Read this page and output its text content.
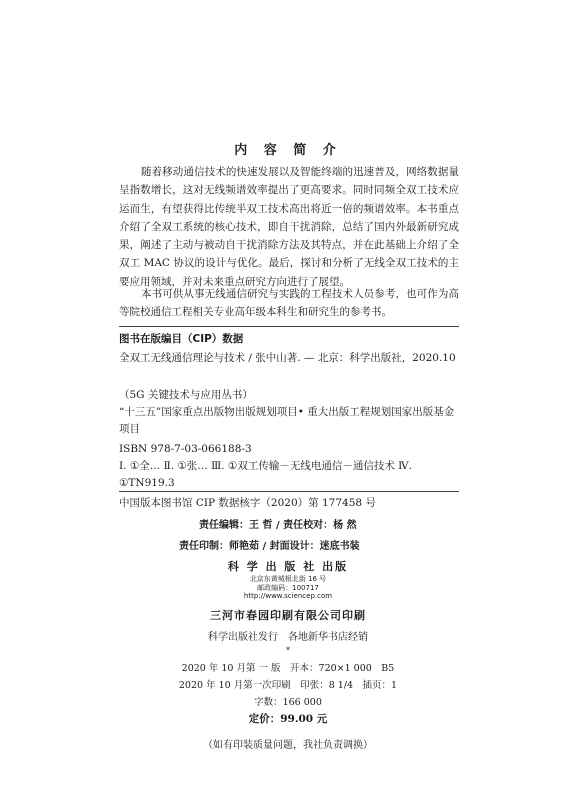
内 容 简 介
随着移动通信技术的快速发展以及智能终端的迅速普及，网络数据量呈指数增长，这对无线频谱效率提出了更高要求。同时同频全双工技术应运而生，有望获得比传统半双工技术高出将近一倍的频谱效率。本书重点介绍了全双工系统的核心技术，即自干扰消除，总结了国内外最新研究成果，阐述了主动与被动自干扰消除方法及其特点，并在此基础上介绍了全双工 MAC 协议的设计与优化。最后，探讨和分析了无线全双工技术的主要应用领域，并对未来重点研究方向进行了展望。
本书可供从事无线通信研究与实践的工程技术人员参考，也可作为高等院校通信工程相关专业高年级本科生和研究生的参考书。
图书在版编目（CIP）数据
全双工无线通信理论与技术 / 张中山著. — 北京：科学出版社，2020.10
（5G 关键技术与应用丛书）
“十三五”国家重点出版物出版规划项目• 重大出版工程规划国家出版基金项目
ISBN 978-7-03-066188-3
Ⅰ. ①全… Ⅱ. ①张… Ⅲ. ①双工传输－无线电通信－通信技术 Ⅳ. ①TN919.3
中国版本图书馆 CIP 数据核字（2020）第 177458 号
责任编辑：王 哲 / 责任校对：杨 然
责任印制：师艳茹 / 封面设计：迷底书装
科 学 出 版 社 出版
北京东黄城根北街 16 号
邮政编码：100717
http://www.sciencep.com
三河市春园印刷有限公司印刷
科学出版社发行　各地新华书店经销
*
2020 年 10 月第 一 版　开本：720×1 000　B5
2020 年 10 月第一次印刷　印张：8 1/4　插页：1
字数：166 000
定价：99.00 元
（如有印装质量问题，我社负责调换）
